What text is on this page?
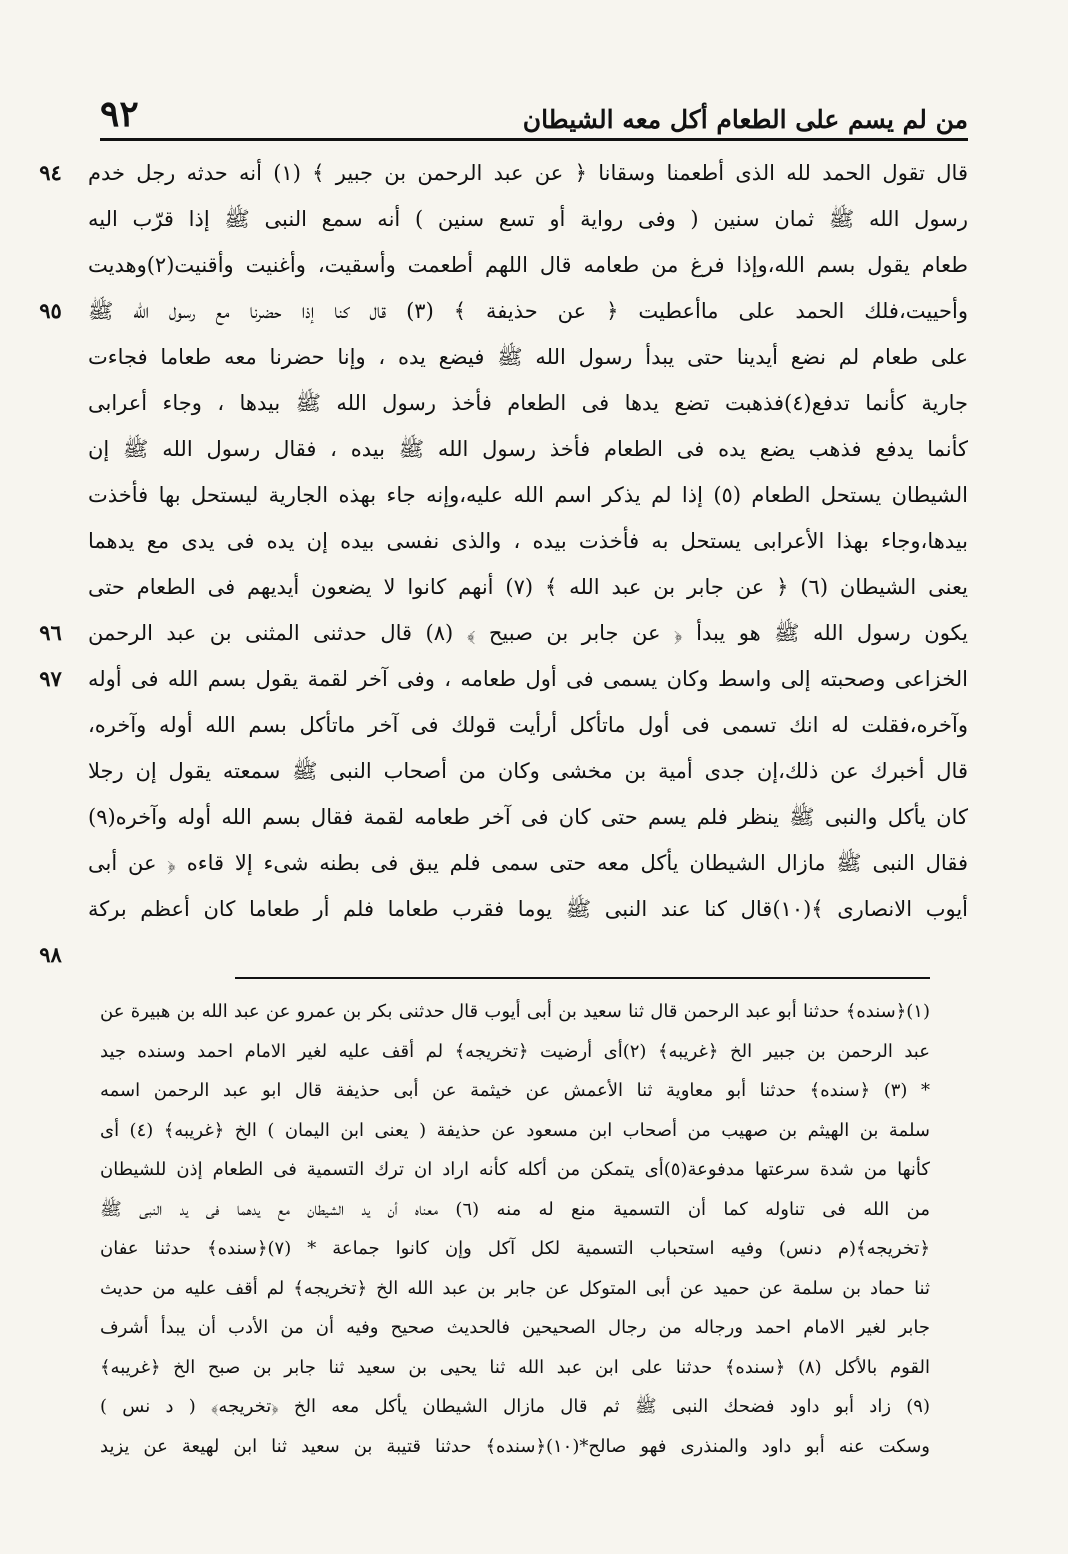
من لم يسم على الطعام أكل معه الشيطان
٩٢
قال تقول الحمد لله الذى أطعمنا وسقانا ﴿ عن عبد الرحمن بن جبير ﴾ (١) أنه حدثه رجل خدم
رسول الله ﷺ ثمان سنين ( وفى رواية أو تسع سنين ) أنه سمع النبى ﷺ إذا قرّب اليه
طعام يقول بسم الله،وإذا فرغ من طعامه قال اللهم أطعمت وأسقيت، وأغنيت وأقنيت(٢)وهديت
وأحييت،فلك الحمد على ماأعطيت ﴿ عن حذيفة ﴾ (٣) قال كنا إذا حضرنا مع رسول الله ﷺ
على طعام لم نضع أيدينا حتى يبدأ رسول الله ﷺ فيضع يده ، وإنا حضرنا معه طعاما فجاءت
جارية كأنما تدفع(٤)فذهبت تضع يدها فى الطعام فأخذ رسول الله ﷺ بيدها ، وجاء أعرابى
كأنما يدفع فذهب يضع يده فى الطعام فأخذ رسول الله ﷺ بيده ، فقال رسول الله ﷺ إن
الشيطان يستحل الطعام (٥) إذا لم يذكر اسم الله عليه،وإنه جاء بهذه الجارية ليستحل بها فأخذت
بيدها،وجاء بهذا الأعرابى يستحل به فأخذت بيده ، والذى نفسى بيده إن يده فى يدى مع يدهما
يعنى الشيطان (٦) ﴿ عن جابر بن عبد الله ﴾ (٧) أنهم كانوا لا يضعون أيديهم فى الطعام حتى
يكون رسول الله ﷺ هو يبدأ ﴿ عن جابر بن صبيح ﴾ (٨) قال حدثنى المثنى بن عبد الرحمن
الخزاعى وصحبته إلى واسط وكان يسمى فى أول طعامه ، وفى آخر لقمة يقول بسم الله فى أوله
وآخره،فقلت له انك تسمى فى أول ماتأكل أرأيت قولك فى آخر ماتأكل بسم الله أوله وآخره،
قال أخبرك عن ذلك،إن جدى أمية بن مخشى وكان من أصحاب النبى ﷺ سمعته يقول إن رجلا
كان يأكل والنبى ﷺ ينظر فلم يسم حتى كان فى آخر طعامه لقمة فقال بسم الله أوله وآخره(٩)
فقال النبى ﷺ مازال الشيطان يأكل معه حتى سمى فلم يبق فى بطنه شىء إلا قاءه ﴿ عن أبى
أيوب الانصارى ﴾(١٠)قال كنا عند النبى ﷺ يوما فقرب طعاما فلم أر طعاما كان أعظم بركة
٩٤
٩٥
٩٦
٩٧
٩٨
(١)﴿سنده﴾ حدثنا أبو عبد الرحمن قال ثنا سعيد بن أبى أيوب قال حدثنى بكر بن عمرو عن عبد الله بن هبيرة عن
عبد الرحمن بن جبير الخ ﴿غريبه﴾ (٢)أى أرضيت ﴿تخريجه﴾ لم أقف عليه لغير الامام احمد وسنده جيد
* (٣) ﴿سنده﴾ حدثنا أبو معاوية ثنا الأعمش عن خيثمة عن أبى حذيفة قال ابو عبد الرحمن اسمه
سلمة بن الهيثم بن صهيب من أصحاب ابن مسعود عن حذيفة ( يعنى ابن اليمان ) الخ ﴿غريبه﴾ (٤) أى
كأنها من شدة سرعتها مدفوعة(٥)أى يتمكن من أكله كأنه اراد ان ترك التسمية فى الطعام إذن للشيطان
من الله فى تناوله كما أن التسمية منع له منه (٦) معناه أن يد الشيطان مع يدهما فى يد النبى ﷺ
﴿تخريجه﴾(م دنس) وفيه استحباب التسمية لكل آكل وإن كانوا جماعة * (٧)﴿سنده﴾ حدثنا عفان
ثنا حماد بن سلمة عن حميد عن أبى المتوكل عن جابر بن عبد الله الخ ﴿تخريجه﴾ لم أقف عليه من حديث
جابر لغير الامام احمد ورجاله من رجال الصحيحين فالحديث صحيح وفيه أن من الأدب أن يبدأ أشرف
القوم بالأكل (٨) ﴿سنده﴾ حدثنا على ابن عبد الله ثنا يحيى بن سعيد ثنا جابر بن صبح الخ ﴿غريبه﴾
(٩) زاد أبو داود فضحك النبى ﷺ ثم قال مازال الشيطان يأكل معه الخ ﴿تخريجه﴾ ( د نس )
وسكت عنه أبو داود والمنذرى فهو صالح*(١٠)﴿سنده﴾ حدثنا قتيبة بن سعيد ثنا ابن لهيعة عن يزيد
